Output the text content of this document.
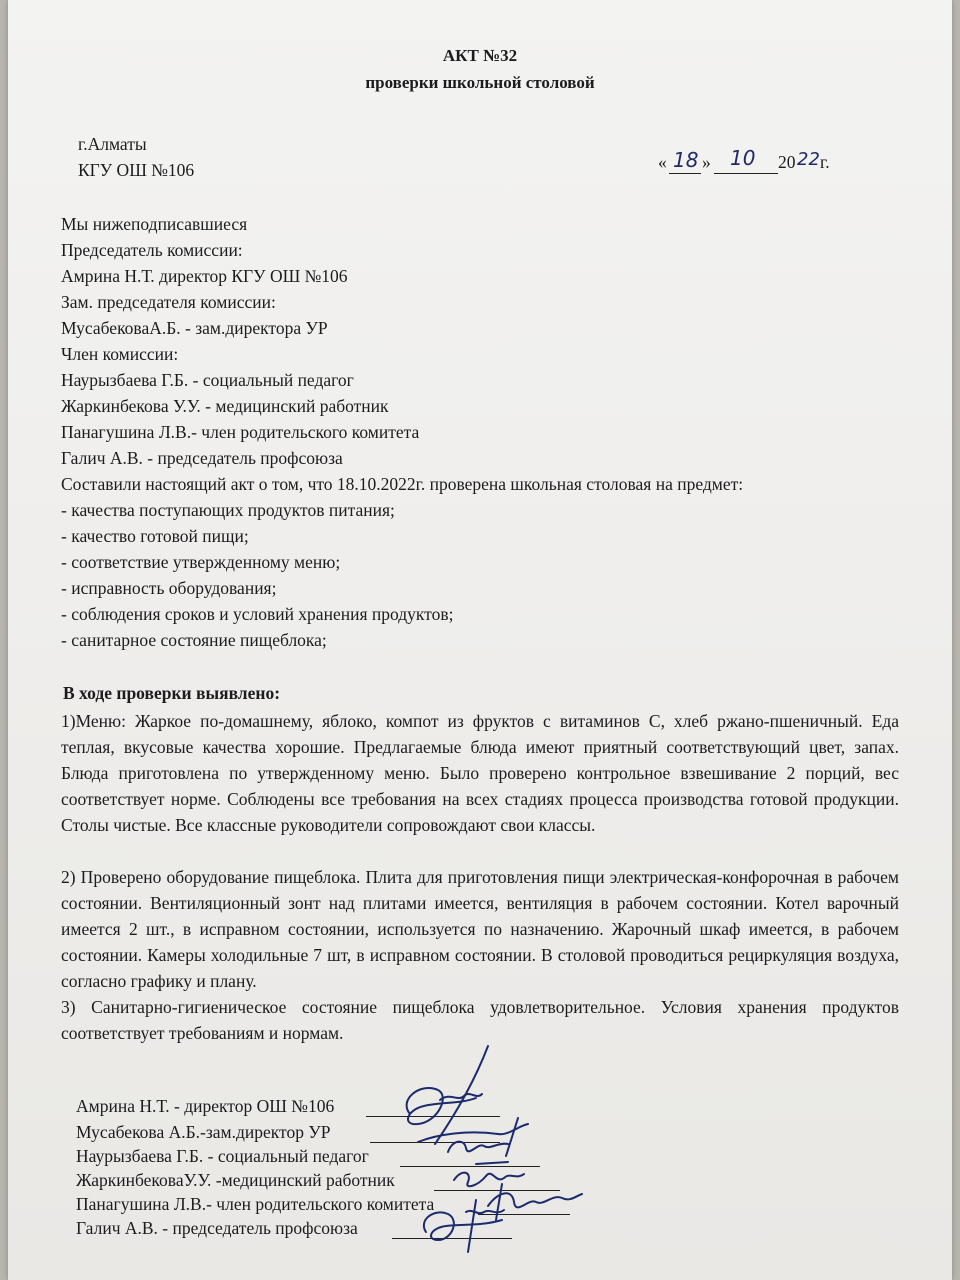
АКТ №32
проверки школьной столовой
г.Алматы
КГУ ОШ №106	« 18 » 10 20 22 г.
Мы нижеподписавшиеся
Председатель комиссии:
Амрина Н.Т. директор КГУ ОШ №106
Зам. председателя комиссии:
МусабековаА.Б. - зам.директора УР
Член комиссии:
Наурызбаева Г.Б. - социальный педагог
Жаркинбекова У.У. - медицинский работник
Панагушина Л.В.- член родительского комитета
Галич А.В. - председатель профсоюза
Составили настоящий акт о том, что 18.10.2022г. проверена школьная столовая на предмет:
- качества поступающих продуктов питания;
- качество готовой пищи;
- соответствие утвержденному меню;
- исправность оборудования;
- соблюдения сроков и условий хранения продуктов;
- санитарное состояние пищеблока;
В ходе проверки выявлено:
1)Меню: Жаркое по-домашнему, яблоко, компот из фруктов с витаминов С, хлеб ржано-пшеничный. Еда теплая, вкусовые качества хорошие. Предлагаемые блюда имеют приятный соответствующий цвет, запах. Блюда приготовлена по утвержденному меню. Было проверено контрольное взвешивание 2 порций, вес соответствует норме. Соблюдены все требования на всех стадиях процесса производства готовой продукции. Столы чистые. Все классные руководители сопровождают свои классы.
2) Проверено оборудование пищеблока. Плита для приготовления пищи электрическая-конфорочная в рабочем состоянии. Вентиляционный зонт над плитами имеется, вентиляция в рабочем состоянии. Котел варочный имеется 2 шт., в исправном состоянии, используется по назначению. Жарочный шкаф имеется, в рабочем состоянии. Камеры холодильные 7 шт, в исправном состоянии. В столовой проводиться рециркуляция воздуха, согласно графику и плану.
3) Санитарно-гигиеническое состояние пищеблока удовлетворительное. Условия хранения продуктов соответствует требованиям и нормам.
Амрина Н.Т. - директор ОШ №106
Мусабекова А.Б.-зам.директор УР
Наурызбаева Г.Б. - социальный педагог
ЖаркинбековаУ.У. -медицинский работник
Панагушина Л.В.- член родительского комитета
Галич А.В. - председатель профсоюза
